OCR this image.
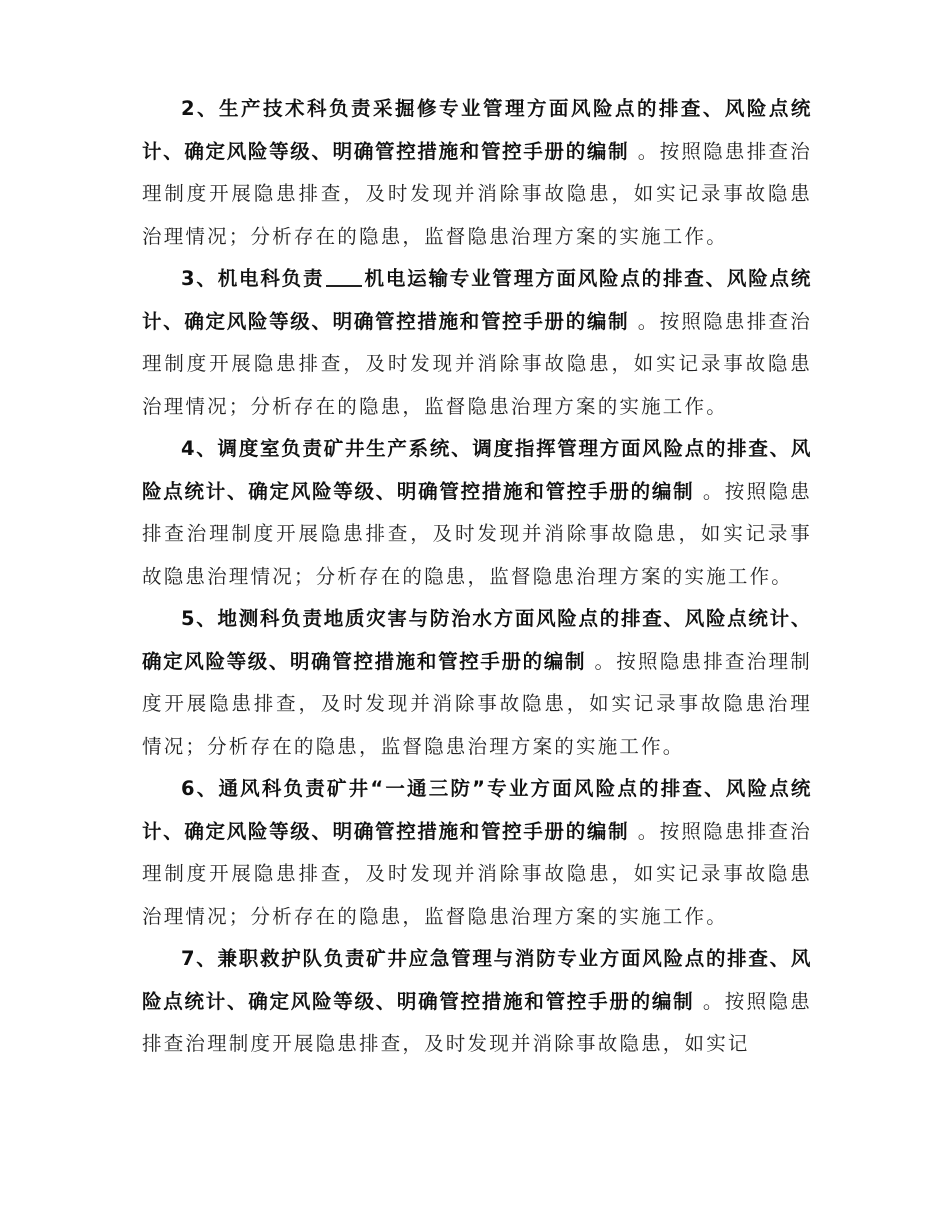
2、生产技术科负责采掘修专业管理方面风险点的排查、风险点统计、确定风险等级、明确管控措施和管控手册的编制 。按照隐患排查治理制度开展隐患排查，及时发现并消除事故隐患，如实记录事故隐患治理情况；分析存在的隐患，监督隐患治理方案的实施工作。

3、机电科负责 机电运输专业管理方面风险点的排查、风险点统计、确定风险等级、明确管控措施和管控手册的编制 。按照隐患排查治理制度开展隐患排查，及时发现并消除事故隐患，如实记录事故隐患治理情况；分析存在的隐患，监督隐患治理方案的实施工作。

4、调度室负责矿井生产系统、调度指挥管理方面风险点的排查、风险点统计、确定风险等级、明确管控措施和管控手册的编制 。按照隐患排查治理制度开展隐患排查，及时发现并消除事故隐患，如实记录事故隐患治理情况；分析存在的隐患，监督隐患治理方案的实施工作。

5、地测科负责地质灾害与防治水方面风险点的排查、风险点统计、确定风险等级、明确管控措施和管控手册的编制 。按照隐患排查治理制度开展隐患排查，及时发现并消除事故隐患，如实记录事故隐患治理情况；分析存在的隐患，监督隐患治理方案的实施工作。

6、通风科负责矿井“一通三防”专业方面风险点的排查、风险点统计、确定风险等级、明确管控措施和管控手册的编制 。按照隐患排查治理制度开展隐患排查，及时发现并消除事故隐患，如实记录事故隐患治理情况；分析存在的隐患，监督隐患治理方案的实施工作。

7、兼职救护队负责矿井应急管理与消防专业方面风险点的排查、风险点统计、确定风险等级、明确管控措施和管控手册的编制 。按照隐患排查治理制度开展隐患排查，及时发现并消除事故隐患，如实记
